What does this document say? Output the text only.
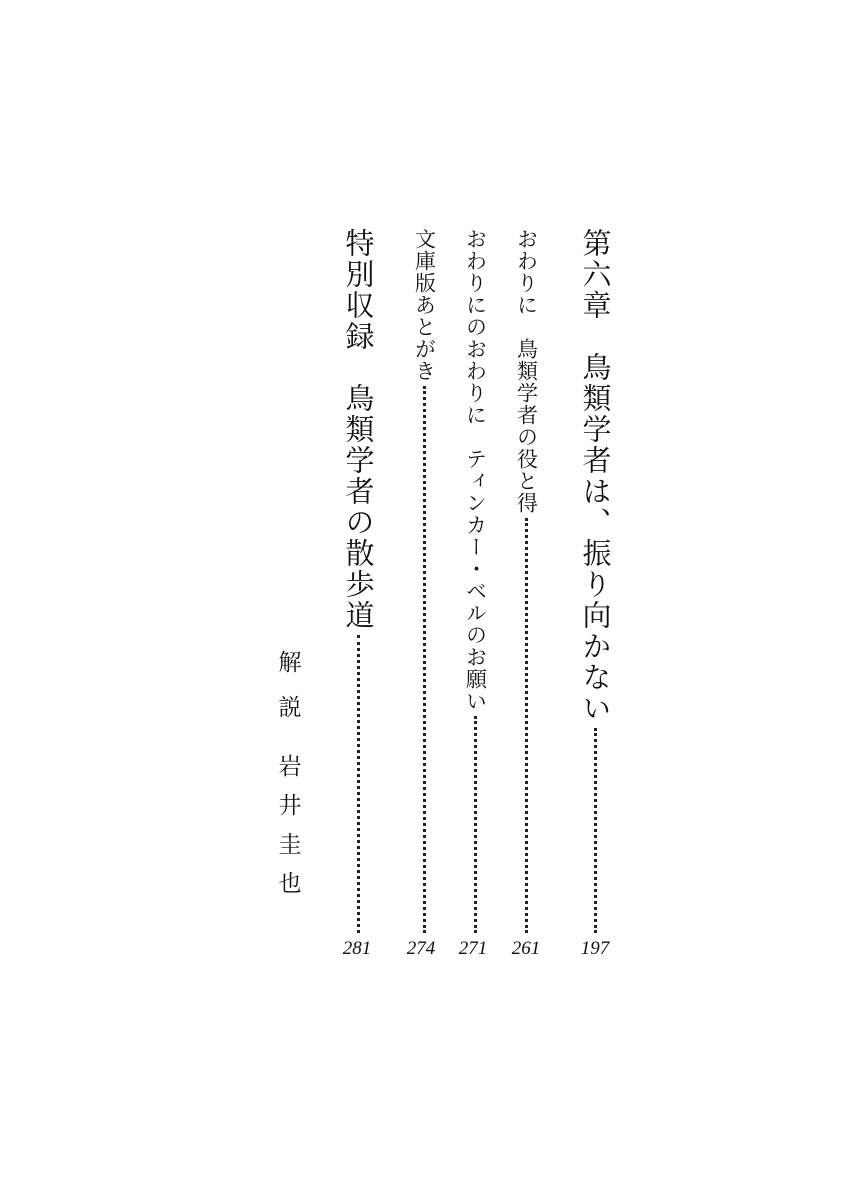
第六章　鳥類学者は、振り向かない
197
おわりに　鳥類学者の役と得
261
おわりにのおわりに　ティンカー・ベルのお願い
271
文庫版あとがき
274
特別収録　鳥類学者の散歩道
281
解説
岩井圭也
